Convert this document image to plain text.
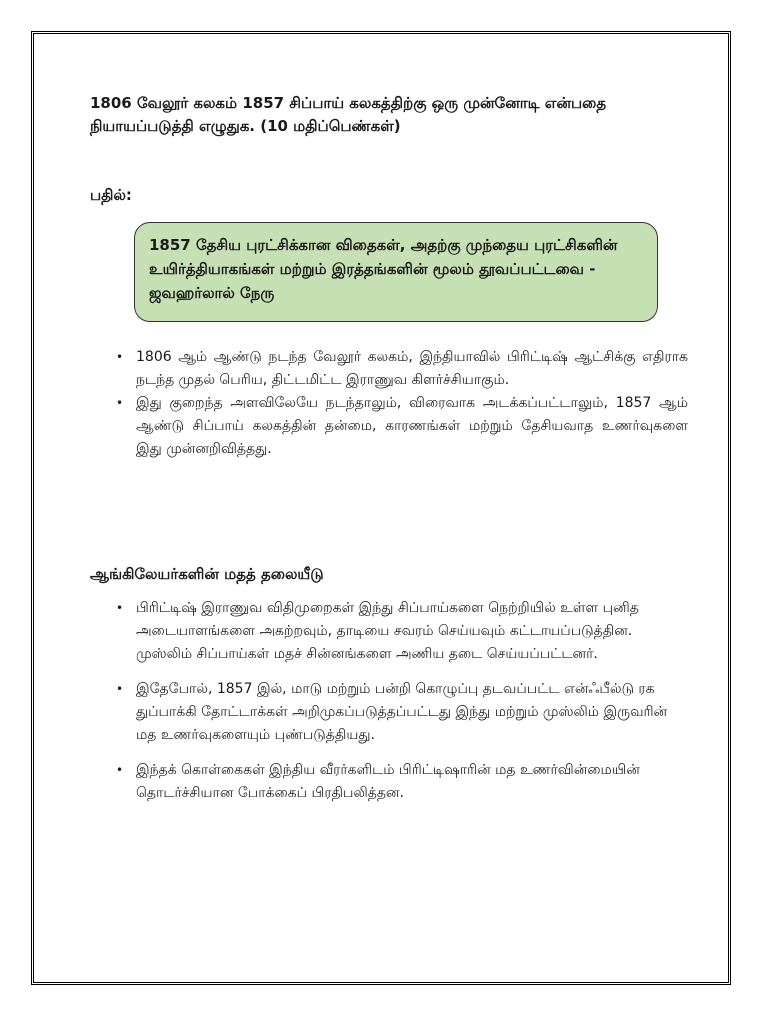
1806 வேலூர் கலகம் 1857 சிப்பாய் கலகத்திற்கு ஒரு முன்னோடி என்பதை நியாயப்படுத்தி எழுதுக. (10 மதிப்பெண்கள்)
பதில்:
1857 தேசிய புரட்சிக்கான விதைகள், அதற்கு முந்தைய புரட்சிகளின் உயிர்த்தியாகங்கள் மற்றும் இரத்தங்களின் மூலம் தூவப்பட்டவை - ஜவஹர்லால் நேரு
• 1806 ஆம் ஆண்டு நடந்த வேலூர் கலகம், இந்தியாவில் பிரிட்டிஷ் ஆட்சிக்கு எதிராக நடந்த முதல் பெரிய, திட்டமிட்ட இராணுவ கிளர்ச்சியாகும்.
• இது குறைந்த அளவிலேயே நடந்தாலும், விரைவாக அடக்கப்பட்டாலும், 1857 ஆம் ஆண்டு சிப்பாய் கலகத்தின் தன்மை, காரணங்கள் மற்றும் தேசியவாத உணர்வுகளை இது முன்னறிவித்தது.
ஆங்கிலேயர்களின் மதத் தலையீடு
• பிரிட்டிஷ் இராணுவ விதிமுறைகள் இந்து சிப்பாய்களை நெற்றியில் உள்ள புனித அடையாளங்களை அகற்றவும், தாடியை சவரம் செய்யவும் கட்டாயப்படுத்தின. முஸ்லிம் சிப்பாய்கள் மதச் சின்னங்களை அணிய தடை செய்யப்பட்டனர்.
• இதேபோல், 1857 இல், மாடு மற்றும் பன்றி கொழுப்பு தடவப்பட்ட என்ஃபீல்டு ரக துப்பாக்கி தோட்டாக்கள் அறிமுகப்படுத்தப்பட்டது இந்து மற்றும் முஸ்லிம் இருவரின் மத உணர்வுகளையும் புண்படுத்தியது.
• இந்தக் கொள்கைகள் இந்திய வீரர்களிடம் பிரிட்டிஷாரின் மத உணர்வின்மையின் தொடர்ச்சியான போக்கைப் பிரதிபலித்தன.
